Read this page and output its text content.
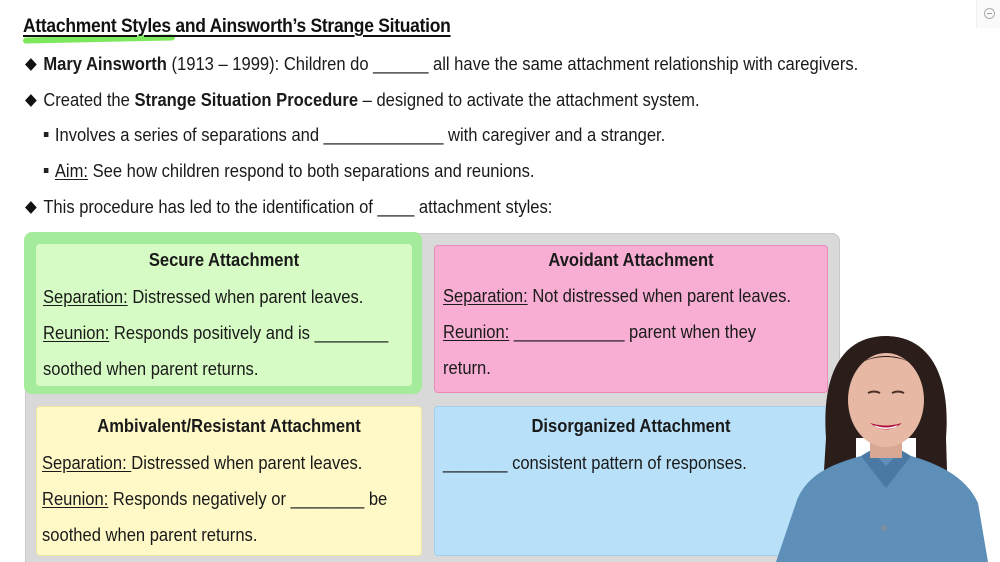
Attachment Styles and Ainsworth’s Strange Situation
Mary Ainsworth (1913 – 1999): Children do ______ all have the same attachment relationship with caregivers.
Created the Strange Situation Procedure – designed to activate the attachment system.
Involves a series of separations and _____________ with caregiver and a stranger.
Aim: See how children respond to both separations and reunions.
This procedure has led to the identification of ____ attachment styles:
Secure Attachment
Separation: Distressed when parent leaves.
Reunion: Responds positively and is ________
soothed when parent returns.
Avoidant Attachment
Separation: Not distressed when parent leaves.
Reunion: ____________ parent when they
return.
Ambivalent/Resistant Attachment
Separation: Distressed when parent leaves.
Reunion: Responds negatively or ________ be
soothed when parent returns.
Disorganized Attachment
_______ consistent pattern of responses.
